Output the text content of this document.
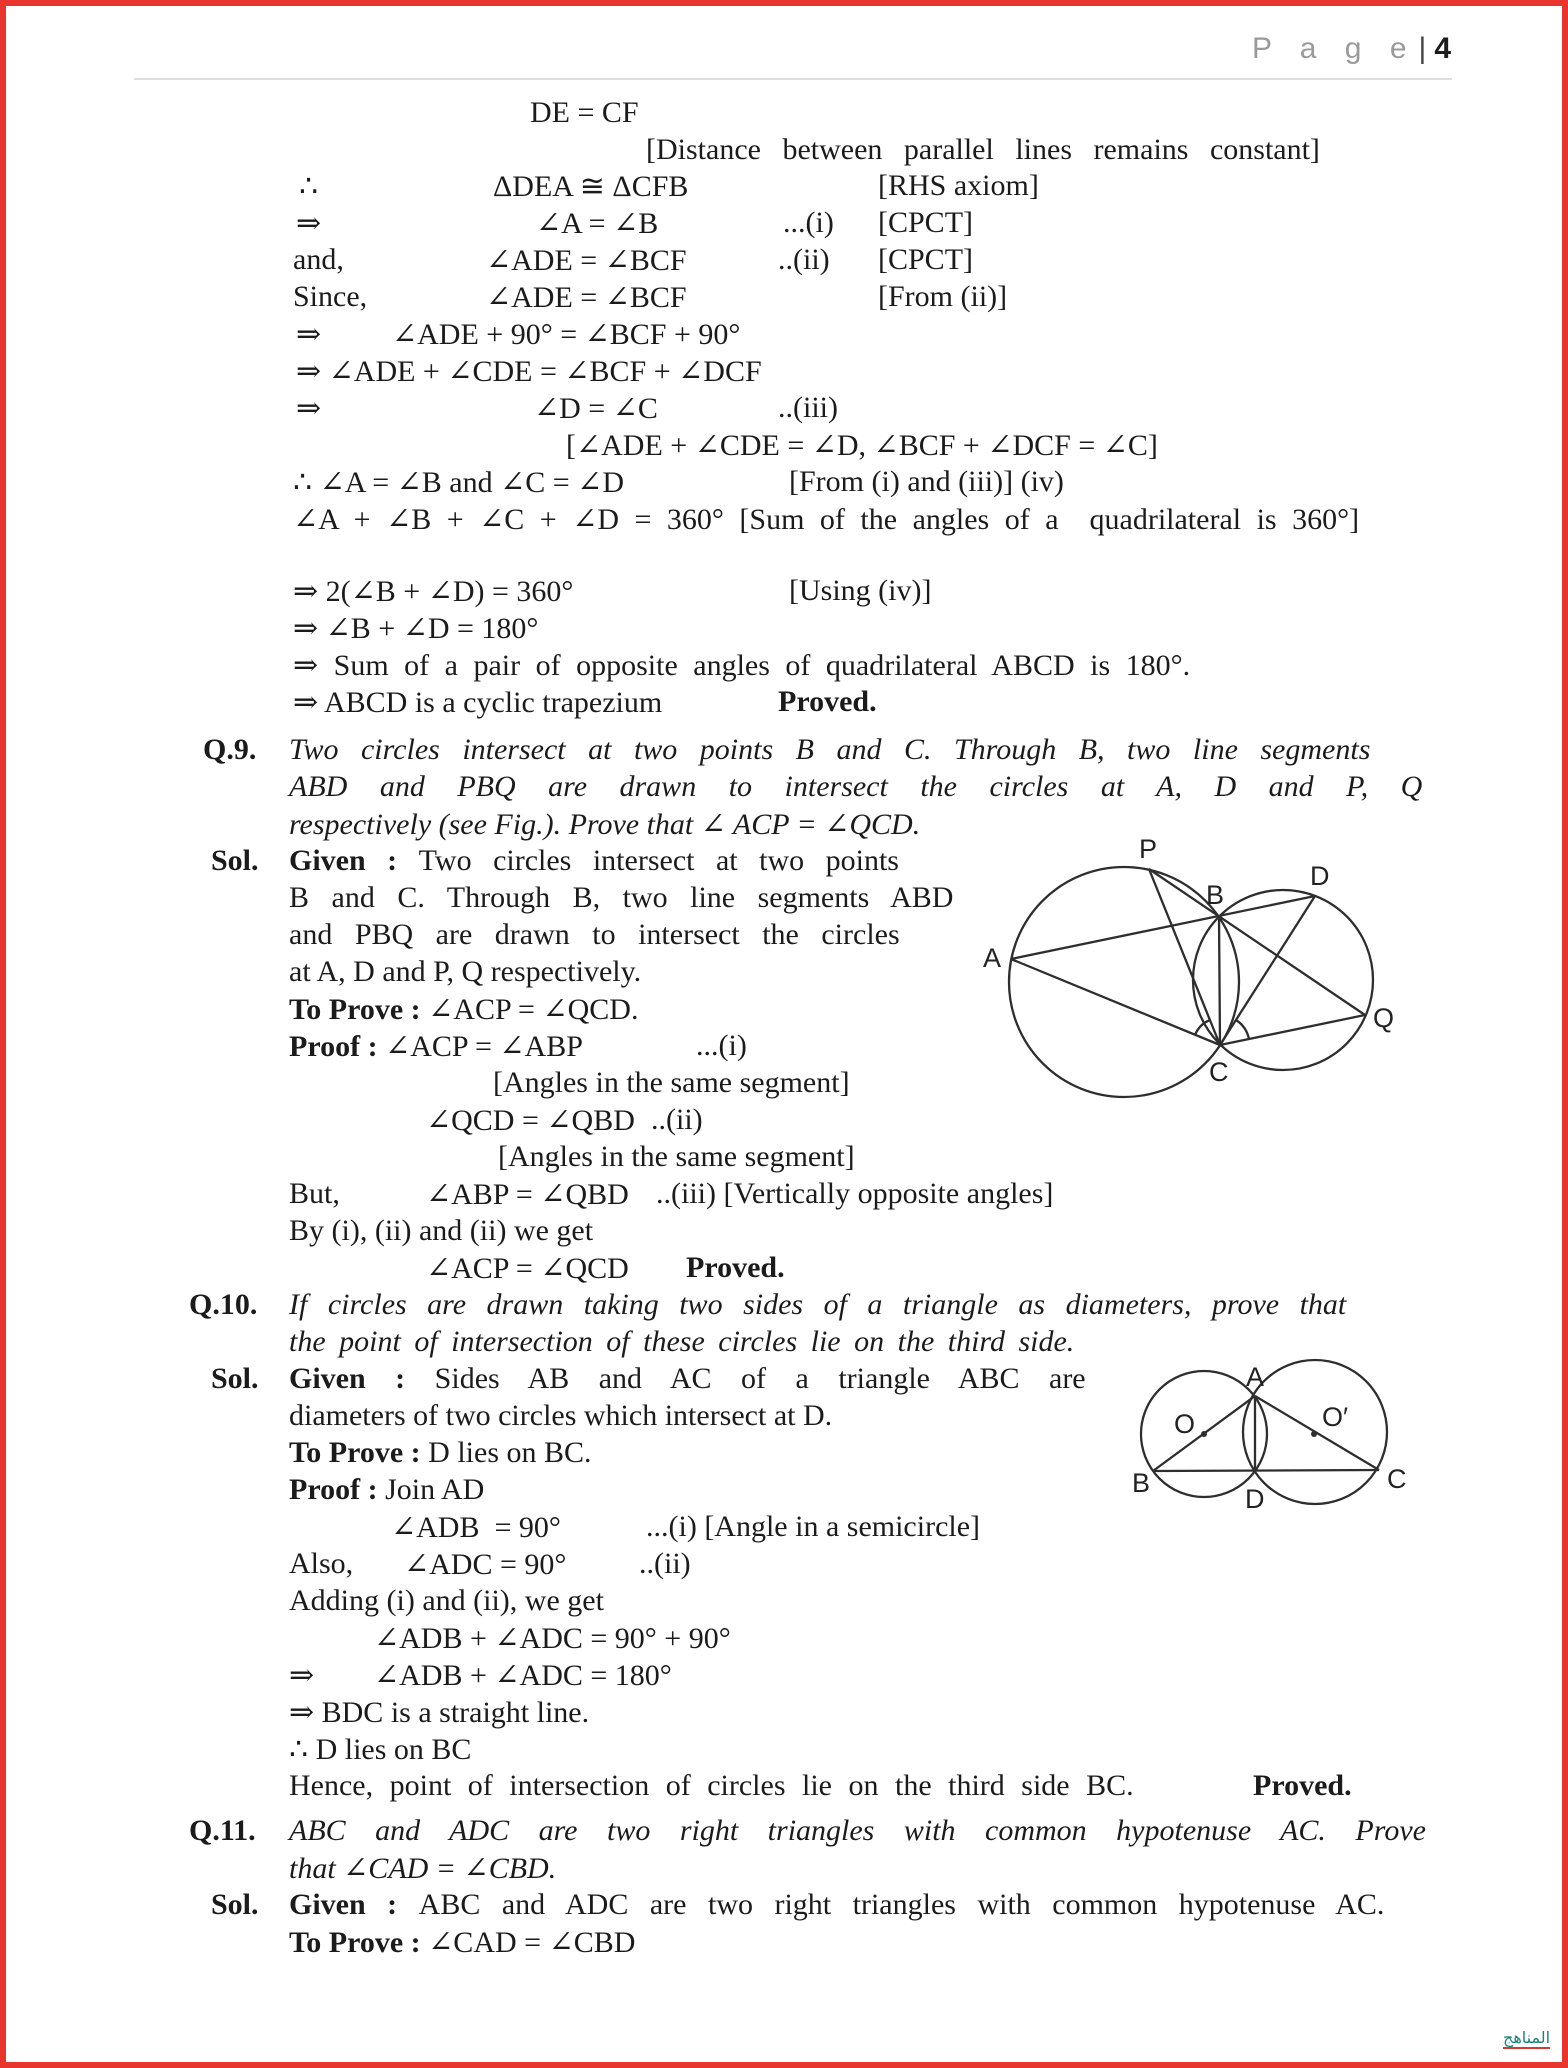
P a g e| 4
DE = CF
[Distance between parallel lines remains constant]
∴	ΔDEA ≅ ΔCFB	[RHS axiom]
⇒	∠A = ∠B	...(i) [CPCT]
and,	∠ADE = ∠BCF	..(ii) [CPCT]
Since,	∠ADE = ∠BCF	[From (ii)]
⇒ ∠ADE + 90° = ∠BCF + 90°
⇒ ∠ADE + ∠CDE = ∠BCF + ∠DCF
⇒	∠D = ∠C	..(iii)
[∠ADE + ∠CDE = ∠D, ∠BCF + ∠DCF = ∠C]
∴ ∠A = ∠B and ∠C = ∠D	[From (i) and (iii)] (iv)
∠A + ∠B + ∠C + ∠D = 360° [Sum of the angles of a  quadrilateral is 360°]
⇒ 2(∠B + ∠D) = 360°	[Using (iv)]
⇒ ∠B + ∠D = 180°
⇒ Sum of a pair of opposite angles of quadrilateral ABCD is 180°.
⇒ ABCD is a cyclic trapezium	Proved.
Q.9. Two circles intersect at two points B and C. Through B, two line segments
ABD and PBQ are drawn to intersect the circles at A, D and P, Q
respectively (see Fig.). Prove that ∠ ACP = ∠QCD.
Sol. Given : Two circles intersect at two points
B and C. Through B, two line segments ABD
and PBQ are drawn to intersect the circles
at A, D and P, Q respectively.
To Prove : ∠ACP = ∠QCD.
Proof : ∠ACP = ∠ABP	...(i)
[Angles in the same segment]
∠QCD = ∠QBD ..(ii)
[Angles in the same segment]
But,	∠ABP = ∠QBD ..(iii) [Vertically opposite angles]
By (i), (ii) and (ii) we get
∠ACP = ∠QCD Proved.
Q.10. If circles are drawn taking two sides of a triangle as diameters, prove that
the point of intersection of these circles lie on the third side.
Sol. Given : Sides AB and AC of a triangle ABC are
diameters of two circles which intersect at D.
To Prove : D lies on BC.
Proof : Join AD
∠ADB  = 90°	...(i) [Angle in a semicircle]
Also, ∠ADC = 90° ..(ii)
Adding (i) and (ii), we get
∠ADB + ∠ADC = 90° + 90°
⇒ ∠ADB + ∠ADC = 180°
⇒ BDC is a straight line.
∴ D lies on BC
Hence, point of intersection of circles lie on the third side BC.	Proved.
Q.11. ABC and ADC are two right triangles with common hypotenuse AC. Prove
that ∠CAD = ∠CBD.
Sol. Given : ABC and ADC are two right triangles with common hypotenuse AC.
To Prove : ∠CAD = ∠CBD
A
P
B
D
Q
C
A
O	O′
B	C
D
المناهج
